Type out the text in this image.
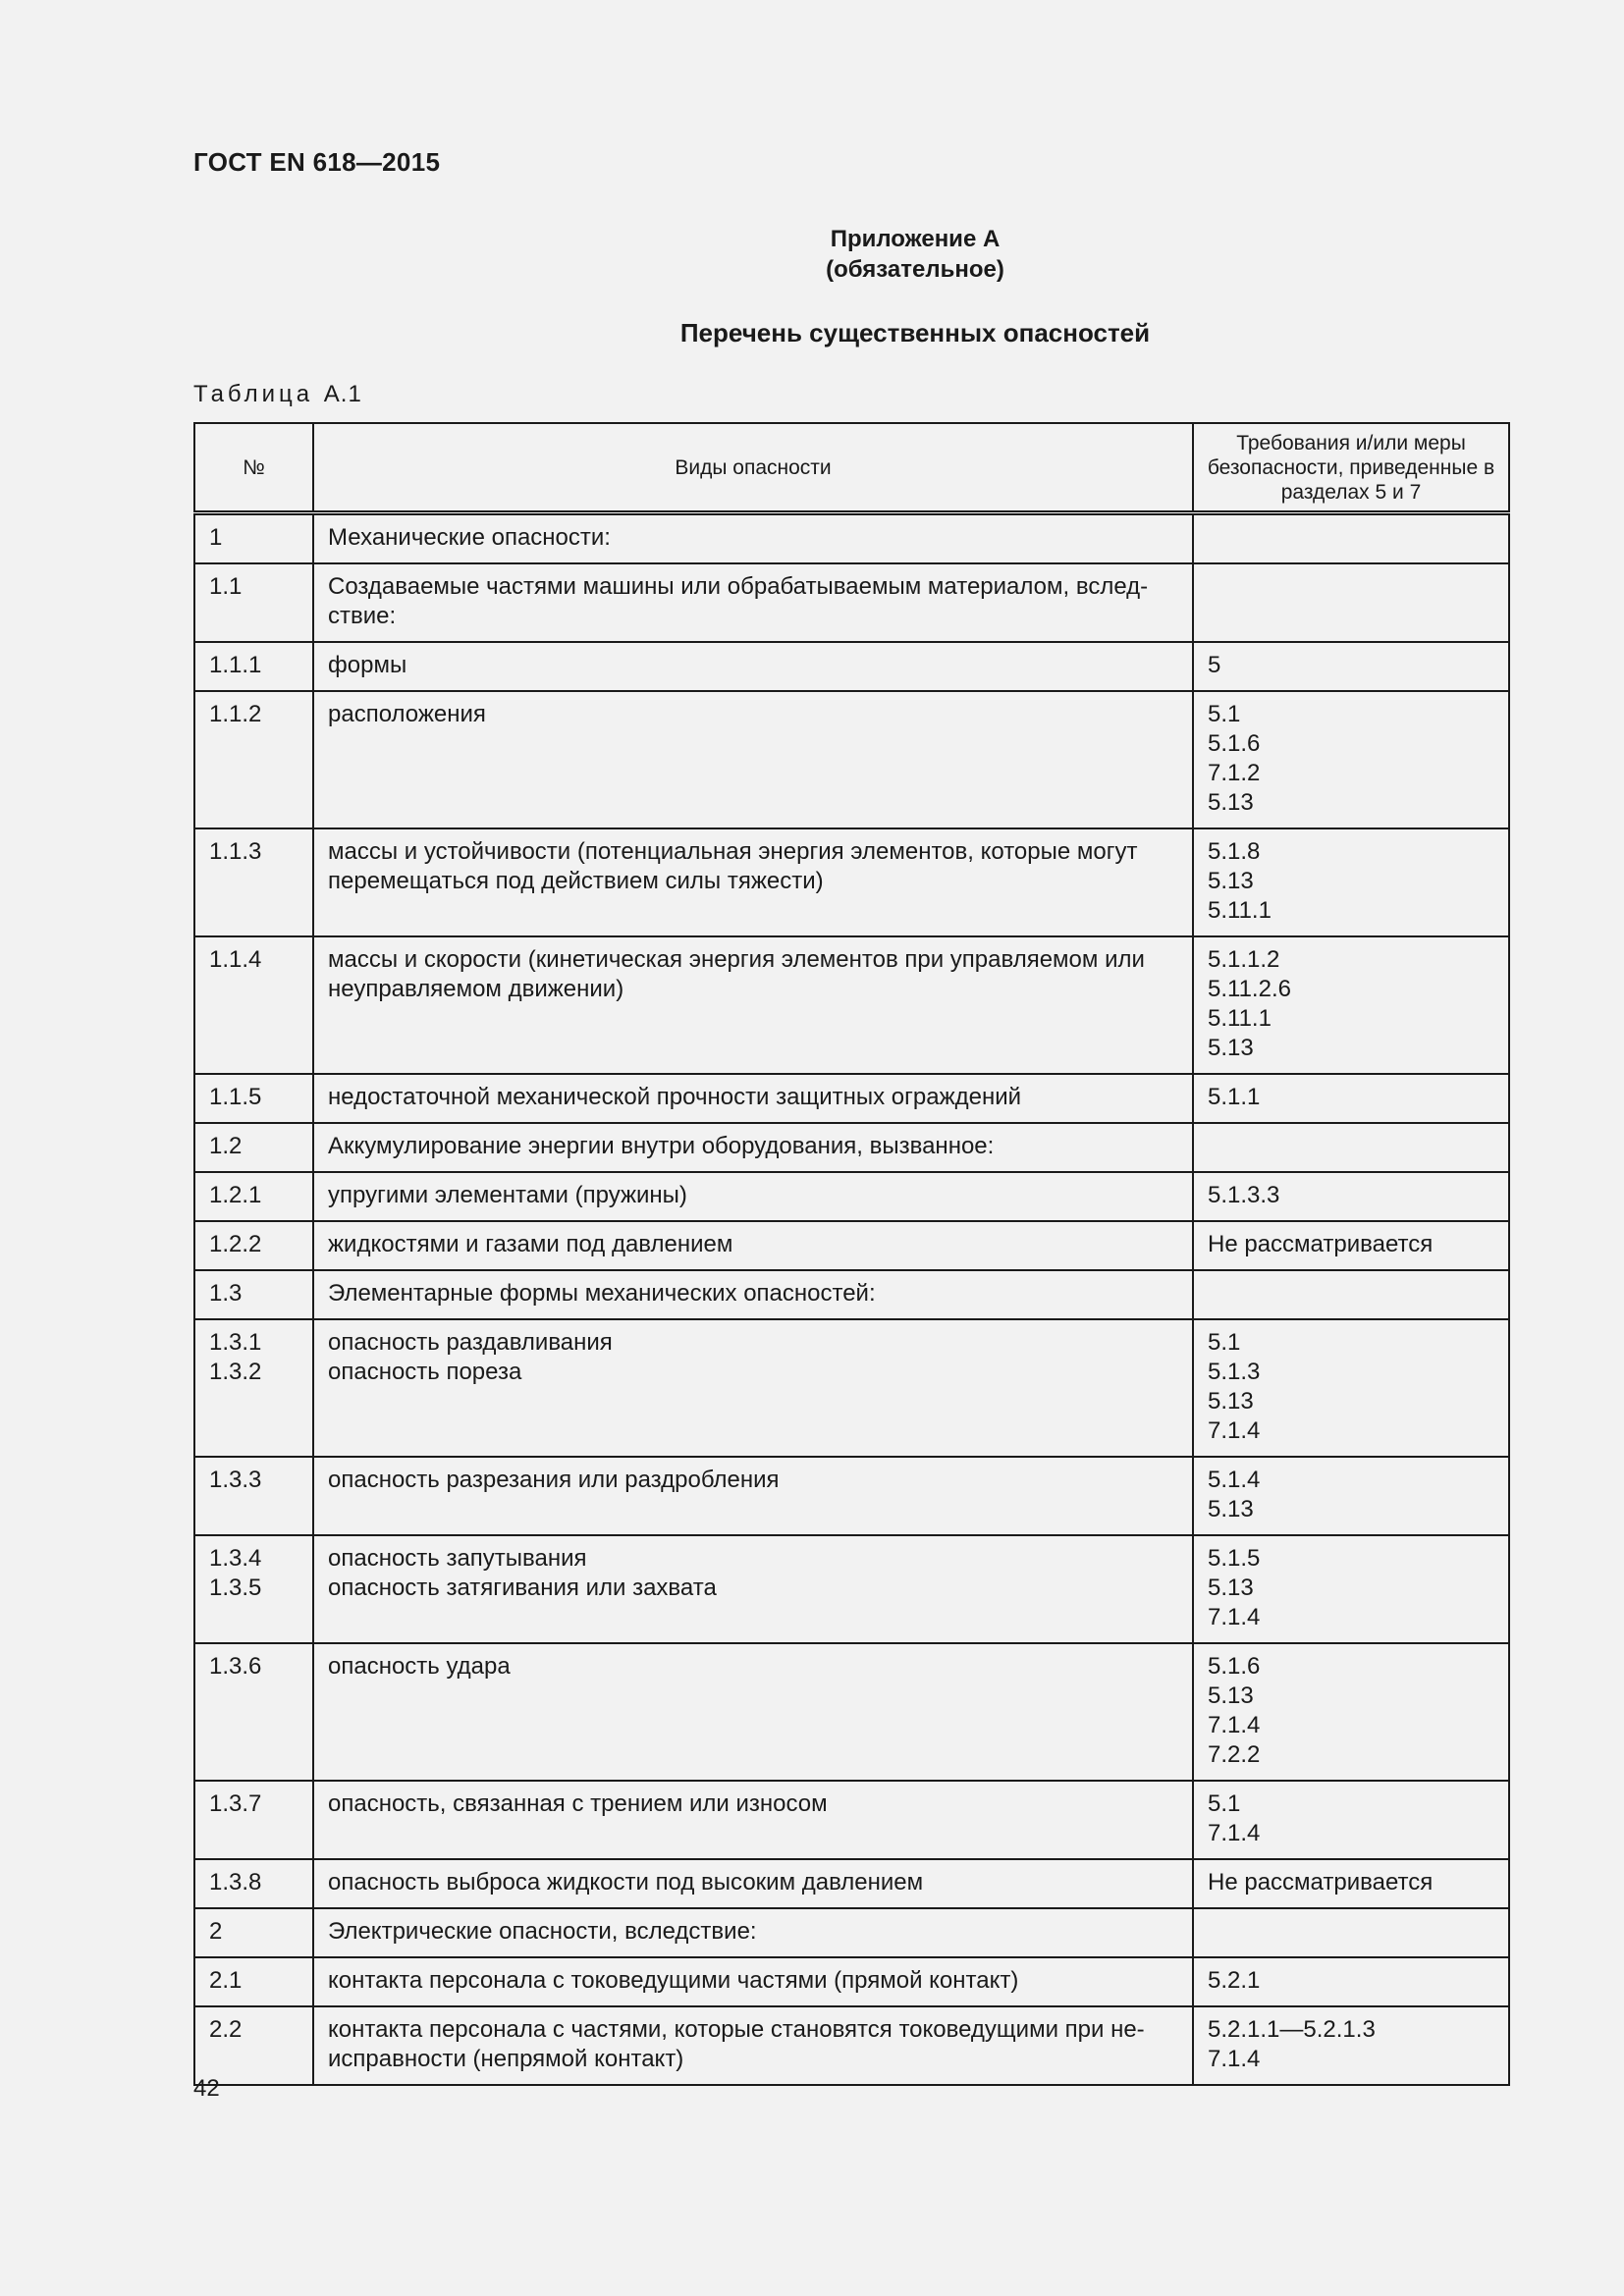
ГОСТ EN 618—2015
Приложение А
(обязательное)
Перечень существенных опасностей
Таблица А.1
№	Виды опасности	Требования и/или меры безопасности, приведенные в разделах 5 и 7

1	Механические опасности:	

1.1	Создаваемые частями машины или обрабатываемым материалом, вслед-
ствие:	

1.1.1	формы	5

1.1.2	расположения	5.1
5.1.6
7.1.2
5.13

1.1.3	массы и устойчивости (потенциальная энергия элементов, которые могут
перемещаться под действием силы тяжести)	5.1.8
5.13
5.11.1

1.1.4	массы и скорости (кинетическая энергия элементов при управляемом или
неуправляемом движении)	5.1.1.2
5.11.2.6
5.11.1
5.13

1.1.5	недостаточной механической прочности защитных ограждений	5.1.1

1.2	Аккумулирование энергии внутри оборудования, вызванное:	

1.2.1	упругими элементами (пружины)	5.1.3.3

1.2.2	жидкостями и газами под давлением	Не рассматривается

1.3	Элементарные формы механических опасностей:	

1.3.1
1.3.2	опасность раздавливания
опасность пореза	5.1
5.1.3
5.13
7.1.4

1.3.3	опасность разрезания или раздробления	5.1.4
5.13

1.3.4
1.3.5	опасность запутывания
опасность затягивания или захвата	5.1.5
5.13
7.1.4

1.3.6	опасность удара	5.1.6
5.13
7.1.4
7.2.2

1.3.7	опасность, связанная с трением или износом	5.1
7.1.4

1.3.8	опасность выброса жидкости под высоким давлением	Не рассматривается

2	Электрические опасности, вследствие:	

2.1	контакта персонала с токоведущими частями (прямой контакт)	5.2.1

2.2	контакта персонала с частями, которые становятся токоведущими при не-
исправности (непрямой контакт)	5.2.1.1—5.2.1.3
7.1.4
42
